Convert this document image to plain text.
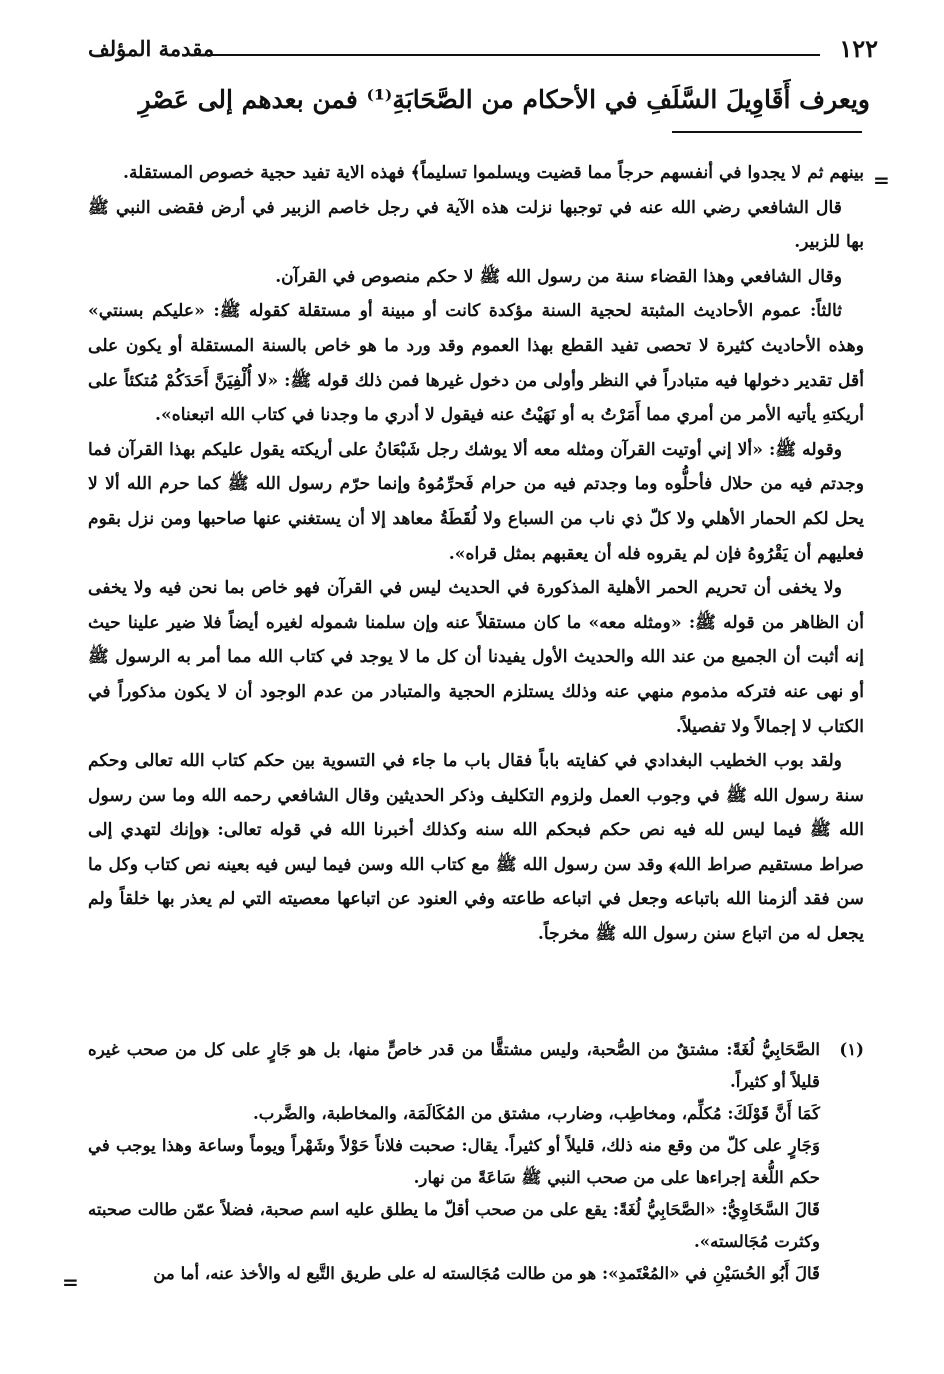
١٢٢
مقدمة المؤلف
ويعرف أَقَاوِيلَ السَّلَفِ في الأحكام من الصَّحَابَةِ⁽¹⁾ فمن بعدهم إلى عَصْرِ
=

بينهم ثم لا يجدوا في أنفسهم حرجاً مما قضيت ويسلموا تسليماً﴾ فهذه الاية تفيد حجية خصوص المستقلة.

قال الشافعي رضي الله عنه في توجبها نزلت هذه الآية في رجل خاصم الزبير في أرض فقضى النبي ﷺ بها للزبير.

وقال الشافعي وهذا القضاء سنة من رسول الله ﷺ لا حكم منصوص في القرآن.

ثالثاً: عموم الأحاديث المثبتة لحجية السنة مؤكدة كانت أو مبينة أو مستقلة كقوله ﷺ: «عليكم بسنتي» وهذه الأحاديث كثيرة لا تحصى تفيد القطع بهذا العموم وقد ورد ما هو خاص بالسنة المستقلة أو يكون على أقل تقدير دخولها فيه متبادراً في النظر وأولى من دخول غيرها فمن ذلك قوله ﷺ: «لا أُلْفِيَنَّ أَحَدَكُمْ مُتكئاً على أريكتهِ يأتيه الأمر من أمري مما أَمَرْتُ به أو نَهَيْتُ عنه فيقول لا أدري ما وجدنا في كتاب الله اتبعناه».

وقوله ﷺ: «ألا إني أوتيت القرآن ومثله معه ألا يوشك رجل شَبْعَانُ على أريكته يقول عليكم بهذا القرآن فما وجدتم فيه من حلال فأحلُّوه وما وجدتم فيه من حرام فَحرِّمُوهُ وإنما حرّم رسول الله ﷺ كما حرم الله ألا لا يحل لكم الحمار الأهلي ولا كلّ ذي ناب من السباع ولا لُقَطَةُ معاهد إلا أن يستغني عنها صاحبها ومن نزل بقوم فعليهم أن يَقْرُوهُ فإن لم يقروه فله أن يعقبهم بمثل قراه».

ولا يخفى أن تحريم الحمر الأهلية المذكورة في الحديث ليس في القرآن فهو خاص بما نحن فيه ولا يخفى أن الظاهر من قوله ﷺ: «ومثله معه» ما كان مستقلاً عنه وإن سلمنا شموله لغيره أيضاً فلا ضير علينا حيث إنه أثبت أن الجميع من عند الله والحديث الأول يفيدنا أن كل ما لا يوجد في كتاب الله مما أمر به الرسول ﷺ أو نهى عنه فتركه مذموم منهي عنه وذلك يستلزم الحجية والمتبادر من عدم الوجود أن لا يكون مذكوراً في الكتاب لا إجمالاً ولا تفصيلاً.

ولقد بوب الخطيب البغدادي في كفايته باباً فقال باب ما جاء في التسوية بين حكم كتاب الله تعالى وحكم سنة رسول الله ﷺ في وجوب العمل ولزوم التكليف وذكر الحديثين وقال الشافعي رحمه الله وما سن رسول الله ﷺ فيما ليس لله فيه نص حكم فبحكم الله سنه وكذلك أخبرنا الله في قوله تعالى: ﴿وإنك لتهدي إلى صراط مستقيم صراط الله﴾ وقد سن رسول الله ﷺ مع كتاب الله وسن فيما ليس فيه بعينه نص كتاب وكل ما سن فقد ألزمنا الله باتباعه وجعل في اتباعه طاعته وفي العنود عن اتباعها معصيته التي لم يعذر بها خلقاً ولم يجعل له من اتباع سنن رسول الله ﷺ مخرجاً.

(١)الصَّحَابِيُّ لُغَةً: مشتقٌ من الصُّحبة، وليس مشتقًّا من قدر خاصٍّ منها، بل هو جَارٍ على كل من صحب غيره قليلاً أو كثيراً.

كَمَا أَنَّ قَوْلَكَ: مُكلِّم، ومخاطِب، وضارب، مشتق من المُكَالَمَة، والمخاطبة، والضَّرب.

وَجَارٍ على كلّ من وقع منه ذلك، قليلاً أو كثيراً. يقال: صحبت فلاناً حَوْلاً وشَهْراً ويوماً وساعة وهذا يوجب في حكم اللُّغة إجراءها على من صحب النبي ﷺ سَاعَةً من نهار.

قَالَ السَّخَاوِيُّ: «الصَّحَابِيُّ لُغَةً: يقع على من صحب أقلّ ما يطلق عليه اسم صحبة، فضلاً عمّن طالت صحبته وكثرت مُجَالسته».

قَالَ أَبُو الحُسَيْنِ في «المُعْتَمدِ»: هو من طالت مُجَالسته له على طريق التَّبع له والأخذ عنه، أما من

=
